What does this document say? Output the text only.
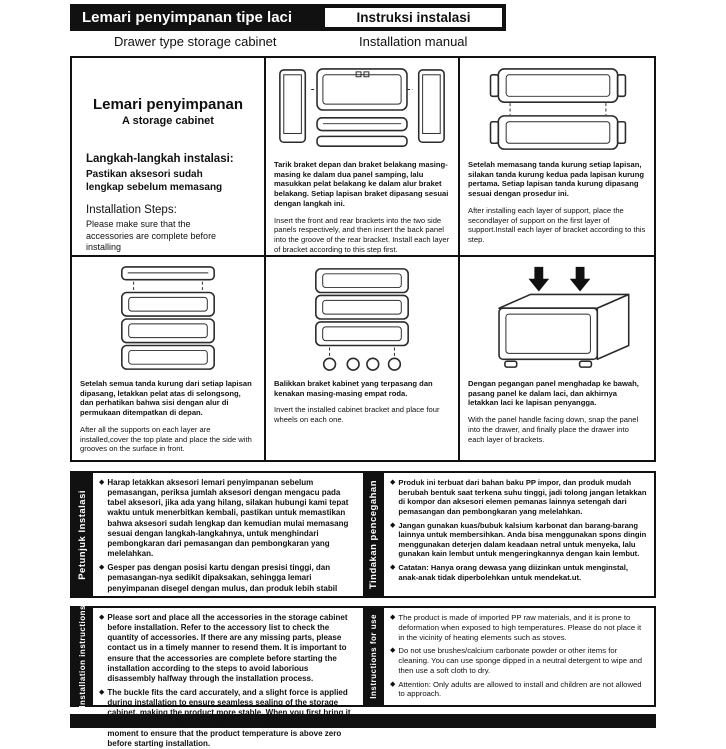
Lemari penyimpanan tipe laci	Instruksi instalasi
Drawer type storage cabinet	Installation manual
Lemari penyimpanan
A storage cabinet
Langkah-langkah instalasi:
Pastikan aksesori sudah lengkap sebelum memasang
Installation Steps:
Please make sure that the accessories are complete before installing
Tarik braket depan dan braket belakang masing-masing ke dalam dua panel samping, lalu masukkan pelat belakang ke dalam alur braket belakang. Setiap lapisan braket dipasang sesuai dengan langkah ini.
Insert the front and rear brackets into the two side panels respectively, and then insert the back panel into the groove of the rear bracket. Install each layer of bracket according to this step first.
Setelah memasang tanda kurung setiap lapisan, silakan tanda kurung kedua pada lapisan kurung pertama. Setiap lapisan tanda kurung dipasang sesuai dengan prosedur ini.
After installing each layer of support, place the secondlayer of support on the first layer of support.Install each layer of bracket according to this step.
Setelah semua tanda kurung dari setiap lapisan dipasang, letakkan pelat atas di selongsong, dan perhatikan bahwa sisi dengan alur di permukaan ditempatkan di depan.
After all the supports on each layer are installed,cover the top plate and place the side with grooves on the surface in front.
Balikkan braket kabinet yang terpasang dan kenakan masing-masing empat roda.
Invert the installed cabinet bracket and place four wheels on each one.
Dengan pegangan panel menghadap ke bawah, pasang panel ke dalam laci, dan akhirnya letakkan laci ke lapisan penyangga.
With the panel handle facing down, snap the panel into the drawer, and finally place the drawer into each layer of brackets.
Petunjuk Instalasi
◆ Harap letakkan aksesori lemari penyimpanan sebelum pemasangan, periksa jumlah aksesori dengan mengacu pada tabel aksesori, jika ada yang hilang, silakan hubungi kami tepat waktu untuk menerbitkan kembali, pastikan untuk memastikan bahwa aksesori sudah lengkap dan kemudian mulai memasang sesuai dengan langkah-langkahnya, untuk menghindari pembongkaran dari pemasangan dan pembongkaran yang melelahkan.
◆ Gesper pas dengan posisi kartu dengan presisi tinggi, dan pemasangan-nya sedikit dipaksakan, sehingga lemari penyimpanan disegel dengan mulus, dan produk lebih stabil	Tindakan pencegahan ◆ Produk ini terbuat dari bahan baku PP impor, dan produk mudah berubah bentuk saat terkena suhu tinggi, jadi tolong jangan letakkan di kompor dan aksesori elemen pemanas lainnya setengah dari pemasangan dan pembongkaran yang melelahkan.
◆ Jangan gunakan kuas/bubuk kalsium karbonat dan barang-barang lainnya untuk membersihkan. Anda bisa menggunakan spons dingin menggunakan deterjen dalam keadaan netral untuk menyeka, lalu gunakan kain lembut untuk mengeringkannya dengan kain lembut.
◆ Catatan: Hanya orang dewasa yang diizinkan untuk menginstal, anak-anak tidak diperbolehkan untuk mendekat.ut.
Installation instructions ◆ Please sort and place all the accessories in the storage cabinet before installation. Refer to the accessory list to check the quantity of accessories. If there are any missing parts, please contact us in a timely manner to resend them. It is important to ensure that the accessories are complete before starting the installation according to the steps to avoid laborious disassembly halfway through the installation process.
◆ The buckle fits the card accurately, and a slight force is applied during installation to ensure seamless sealing of the storage cabinet, making the product more stable. When you first bring it indoors from a temperature below zero, please let it sit for a moment to ensure that the product temperature is above zero before starting installation.
Instructions for use ◆ The product is made of imported PP raw materials, and it is prone to deformation when exposed to high temperatures. Please do not place it in the vicinity of heating elements such as stoves.
◆ Do not use brushes/calcium carbonate powder or other items for cleaning. You can use sponge dipped in a neutral detergent to wipe and then use a soft cloth to dry.
◆ Attention: Only adults are allowed to install and children are not allowed to approach.
